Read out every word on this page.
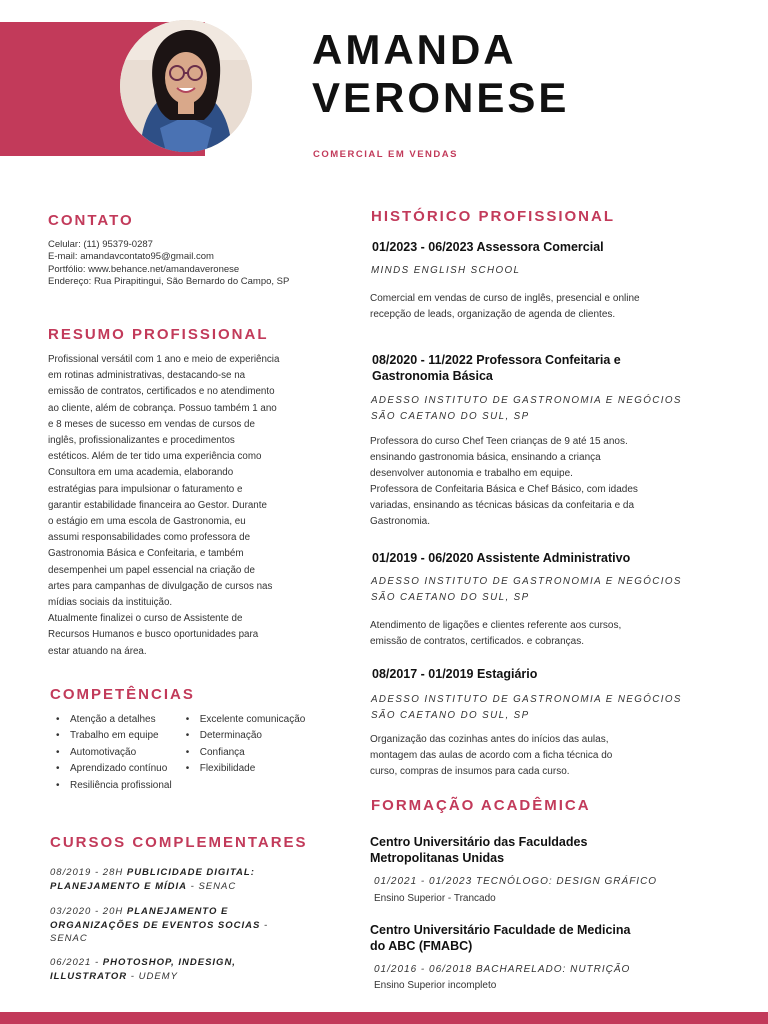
AMANDA
VERONESE
COMERCIAL EM VENDAS
CONTATO
Celular: (11) 95379-0287
E-mail: amandavcontato95@gmail.com
Portfólio: www.behance.net/amandaveronese
Endereço: Rua Pirapitingui, São Bernardo do Campo, SP
RESUMO PROFISSIONAL
Profissional versátil com 1 ano e meio de experiência
em rotinas administrativas, destacando-se na
emissão de contratos, certificados e no atendimento
ao cliente, além de cobrança. Possuo também 1 ano
e 8 meses de sucesso em vendas de cursos de
inglês, profissionalizantes e procedimentos
estéticos. Além de ter tido uma experiência como
Consultora em uma academia, elaborando
estratégias para impulsionar o faturamento e
garantir estabilidade financeira ao Gestor. Durante
o estágio em uma escola de Gastronomia, eu
assumi responsabilidades como professora de
Gastronomia Básica e Confeitaria, e também
desempenhei um papel essencial na criação de
artes para campanhas de divulgação de cursos nas
mídias sociais da instituição.
Atualmente finalizei o curso de Assistente de
Recursos Humanos e busco oportunidades para
estar atuando na área.
COMPETÊNCIAS
• Atenção a detalhes
• Trabalho em equipe
• Automotivação
• Aprendizado contínuo
• Resiliência profissional
• Excelente comunicação
• Determinação
• Confiança
• Flexibilidade
CURSOS COMPLEMENTARES
08/2019 - 28H PUBLICIDADE DIGITAL: PLANEJAMENTO E MÍDIA - SENAC
03/2020 - 20H PLANEJAMENTO E ORGANIZAÇÕES DE EVENTOS SOCIAS - SENAC
06/2021 - PHOTOSHOP, INDESIGN, ILLUSTRATOR - UDEMY
HISTÓRICO PROFISSIONAL
01/2023 - 06/2023 Assessora Comercial
MINDS ENGLISH SCHOOL
Comercial em vendas de curso de inglês, presencial e online
recepção de leads, organização de agenda de clientes.
08/2020 - 11/2022 Professora Confeitaria e Gastronomia Básica
ADESSO INSTITUTO DE GASTRONOMIA E NEGÓCIOS
SÃO CAETANO DO SUL, SP
Professora do curso Chef Teen crianças de 9 até 15 anos.
ensinando gastronomia básica, ensinando a criança
desenvolver autonomia e trabalho em equipe.
Professora de Confeitaria Básica e Chef Básico, com idades
variadas, ensinando as técnicas básicas da confeitaria e da
Gastronomia.
01/2019 - 06/2020 Assistente Administrativo
ADESSO INSTITUTO DE GASTRONOMIA E NEGÓCIOS
SÃO CAETANO DO SUL, SP
Atendimento de ligações e clientes referente aos cursos,
emissão de contratos, certificados. e cobranças.
08/2017 - 01/2019 Estagiário
ADESSO INSTITUTO DE GASTRONOMIA E NEGÓCIOS
SÃO CAETANO DO SUL, SP
Organização das cozinhas antes do inícios das aulas,
montagem das aulas de acordo com a ficha técnica do
curso, compras de insumos para cada curso.
FORMAÇÃO ACADÊMICA
Centro Universitário das Faculdades
Metropolitanas Unidas
01/2021 - 01/2023 TECNÓLOGO: DESIGN GRÁFICO
Ensino Superior - Trancado
Centro Universitário Faculdade de Medicina
do ABC (FMABC)
01/2016 - 06/2018 BACHARELADO: NUTRIÇÃO
Ensino Superior incompleto
